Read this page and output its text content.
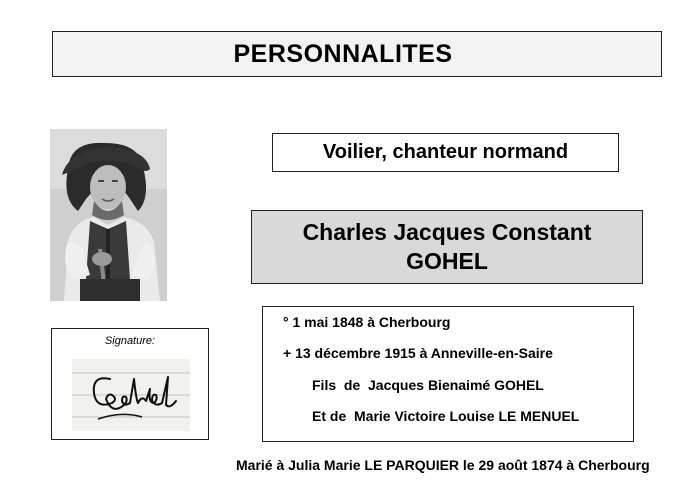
PERSONNALITES
Voilier, chanteur normand
Charles Jacques Constant
GOHEL
Signature:
° 1 mai 1848 à Cherbourg
+ 13 décembre 1915 à Anneville-en-Saire
Fils  de  Jacques Bienaimé GOHEL
Et de  Marie Victoire Louise LE MENUEL
Marié à Julia Marie LE PARQUIER le 29 août 1874 à Cherbourg
